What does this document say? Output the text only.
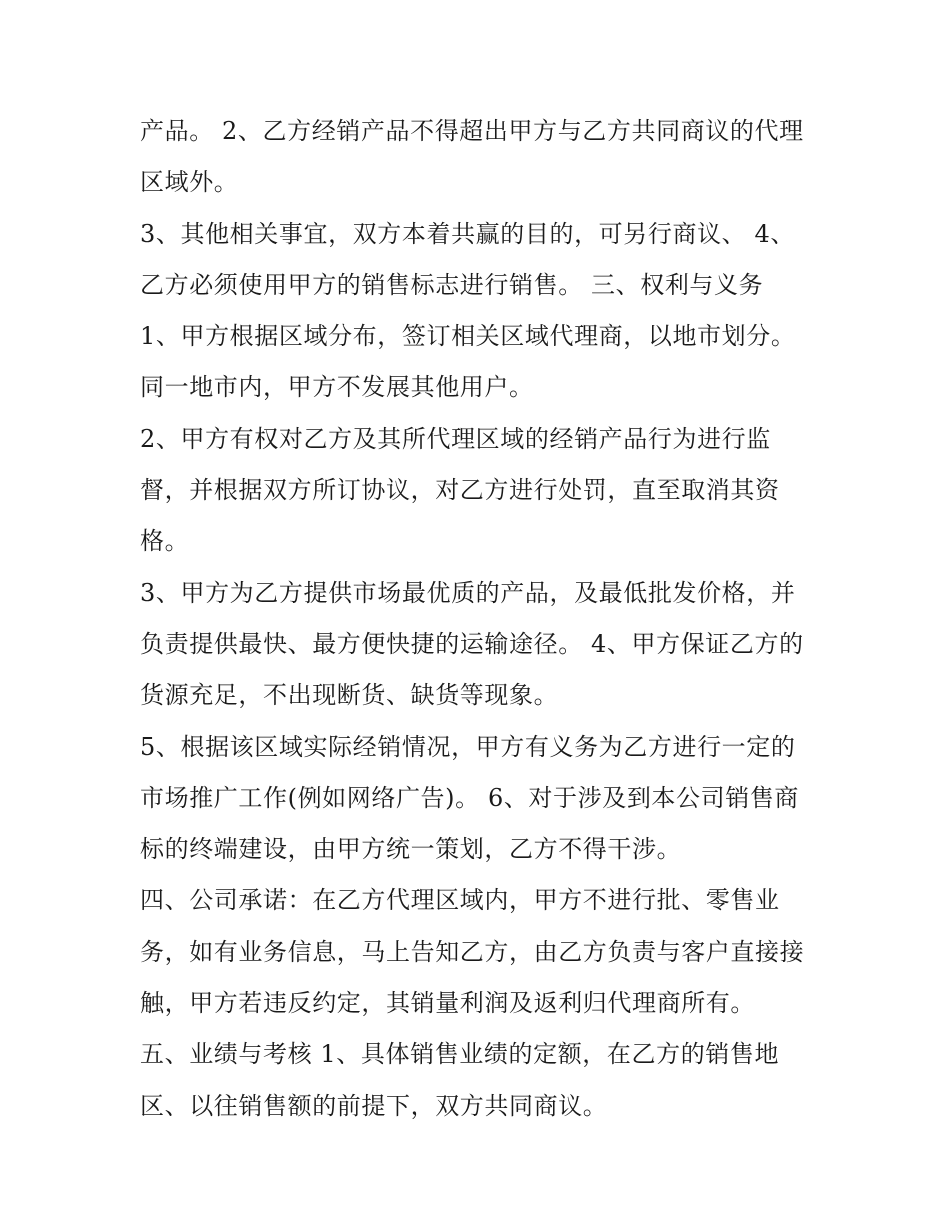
产品。 2、乙方经销产品不得超出甲方与乙方共同商议的代理
区域外。
3、其他相关事宜，双方本着共赢的目的，可另行商议、 4、
乙方必须使用甲方的销售标志进行销售。 三、权利与义务
1、甲方根据区域分布，签订相关区域代理商，以地市划分。
同一地市内，甲方不发展其他用户。
2、甲方有权对乙方及其所代理区域的经销产品行为进行监
督，并根据双方所订协议，对乙方进行处罚，直至取消其资
格。
3、甲方为乙方提供市场最优质的产品，及最低批发价格，并
负责提供最快、最方便快捷的运输途径。 4、甲方保证乙方的
货源充足，不出现断货、缺货等现象。
5、根据该区域实际经销情况，甲方有义务为乙方进行一定的
市场推广工作(例如网络广告)。 6、对于涉及到本公司销售商
标的终端建设，由甲方统一策划，乙方不得干涉。
四、公司承诺：在乙方代理区域内，甲方不进行批、零售业
务，如有业务信息，马上告知乙方，由乙方负责与客户直接接
触，甲方若违反约定，其销量利润及返利归代理商所有。
五、业绩与考核 1、具体销售业绩的定额，在乙方的销售地
区、以往销售额的前提下，双方共同商议。
